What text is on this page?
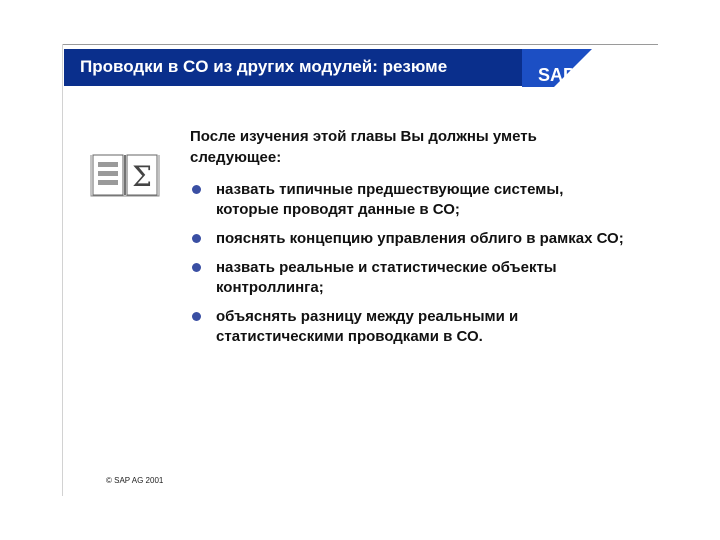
Проводки в CO из других модулей: резюме	SAP
Σ
После изучения этой главы Вы должны уметь следующее:
назвать типичные предшествующие системы, которые проводят данные в СО;
пояснять концепцию управления облиго в рамках СО;
назвать реальные и статистические объекты контроллинга;
объяснять разницу между реальными и статистическими проводками в СО.
© SAP AG 2001
